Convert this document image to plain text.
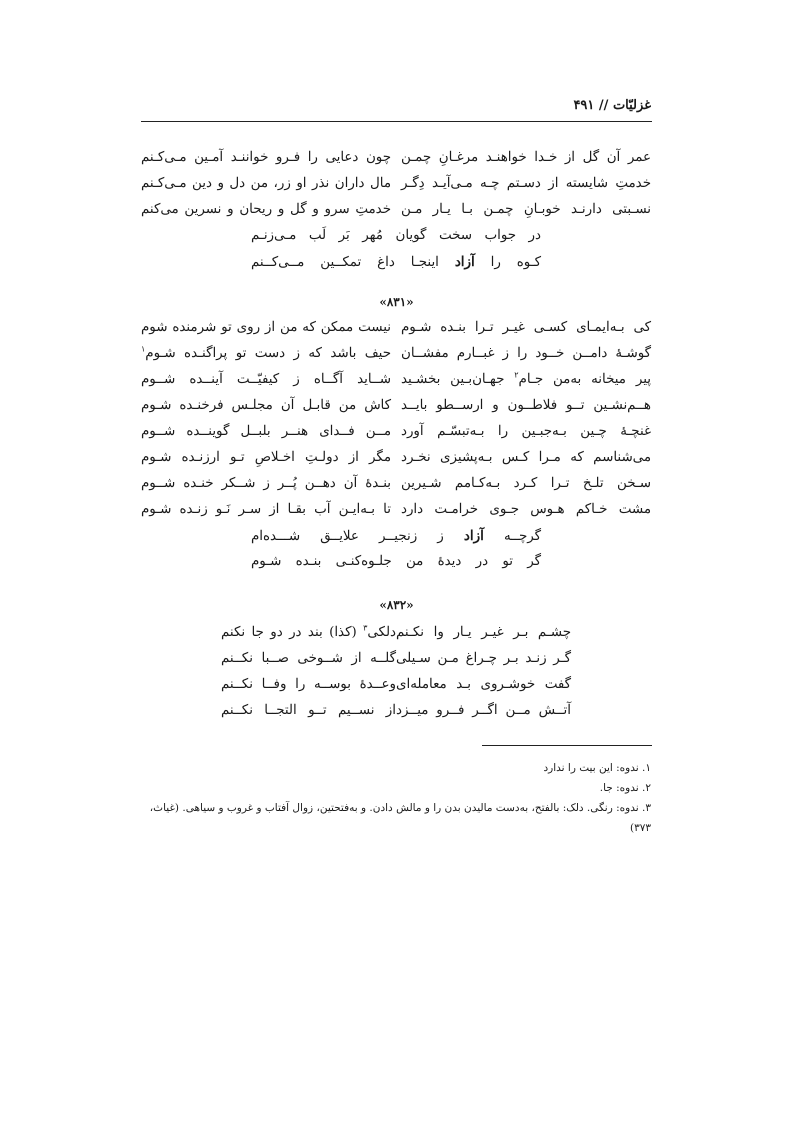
غزلیّات // ۴۹۱
عمر آن گل از خـدا خواهنـد مرغـانِ چمـن
چون دعایی را فـرو خواننـد آمـین مـی‌کـنم
خدمتِ شایسته از دسـتم چـه مـی‌آیـد دِگـر
مال داران نذر او زر، من دل و دین مـی‌کـنم
نسـبتی دارنـد خوبـانِ چمـن بـا یـار مـن
خدمتِ سرو و گل و ریحان و نسرین می‌کنم
در جواب سخت گویان مُهر بَر لَب مـی‌زنـم
کـوه را آزاد اینجـا داغ تمکــین مــی‌کــنم
«۸۳۱»
کی بـه‌ایمـای کسـی غیـر تـرا بنـده شـوم
نیست ممکن که من از روی تو شرمنده شوم
گوشـهٔ دامــن خــود را ز غبــارم مفشــان
حیف باشد که ز دست تو پراگنـده شـوم$^۱$
پیر میخانه به‌من جـام$^۲$ جهـان‌بـین بخشـید
شــاید آگــاه ز کیفیّــت آینــده شــوم
هــم‌نشـین تــو فلاطــون و ارســطو بایــد
کاش من قابـل آن مجلـس فرخنـده شـوم
غنچـهٔ چـین بـه‌جبـین را بـه‌تبسّـم آورد
مــن فــدای هنــر بلبــل گوینــده شــوم
می‌شناسم که مـرا کـس بـه‌پشیزی نخـرد
مگر از دولـتِ اخـلاصِ تـو ارزنـده شـوم
سـخن تلـخ تـرا کـرد بـه‌کـامم شـیرین
بنـدهٔ آن دهــن پُــر ز شــکر خنـده شــوم
مشت خـاکم هـوس جـوی خرامـت دارد
تا بـه‌ایـن آب بقـا از سـر نَـو زنـده شـوم
گرچــه آزاد ز زنجیــر علایــق شـــده‌ام
گر تو در دیدهٔ من جلـوه‌کنـی بنـده شـوم
«۸۳۲»
چشـم بـر غیـر یـار وا نکـنم
دلکی$^۳$ (کذا) بند در دو جا نکنم
گـر زنـد بـر چـراغ مـن سـیلی
گلــه از شــوخی صــبا نکــنم
گفت خوشـروی بـد معامله‌ای
وعــدهٔ بوســه را وفــا نکــنم
آتــش مــن اگــر فــرو میــزد
از نســیم تــو التجــا نکــنم
۱. ندوه: این بیت را ندارد
۲. ندوه: جا.
۳. ندوه: رنگی. دلک: بالفتح، به‌دست مالیدن بدن را و مالش دادن. و به‌فتحتین، زوال آفتاب و غروب و سیاهی. (غیاث، ۳۷۳)
